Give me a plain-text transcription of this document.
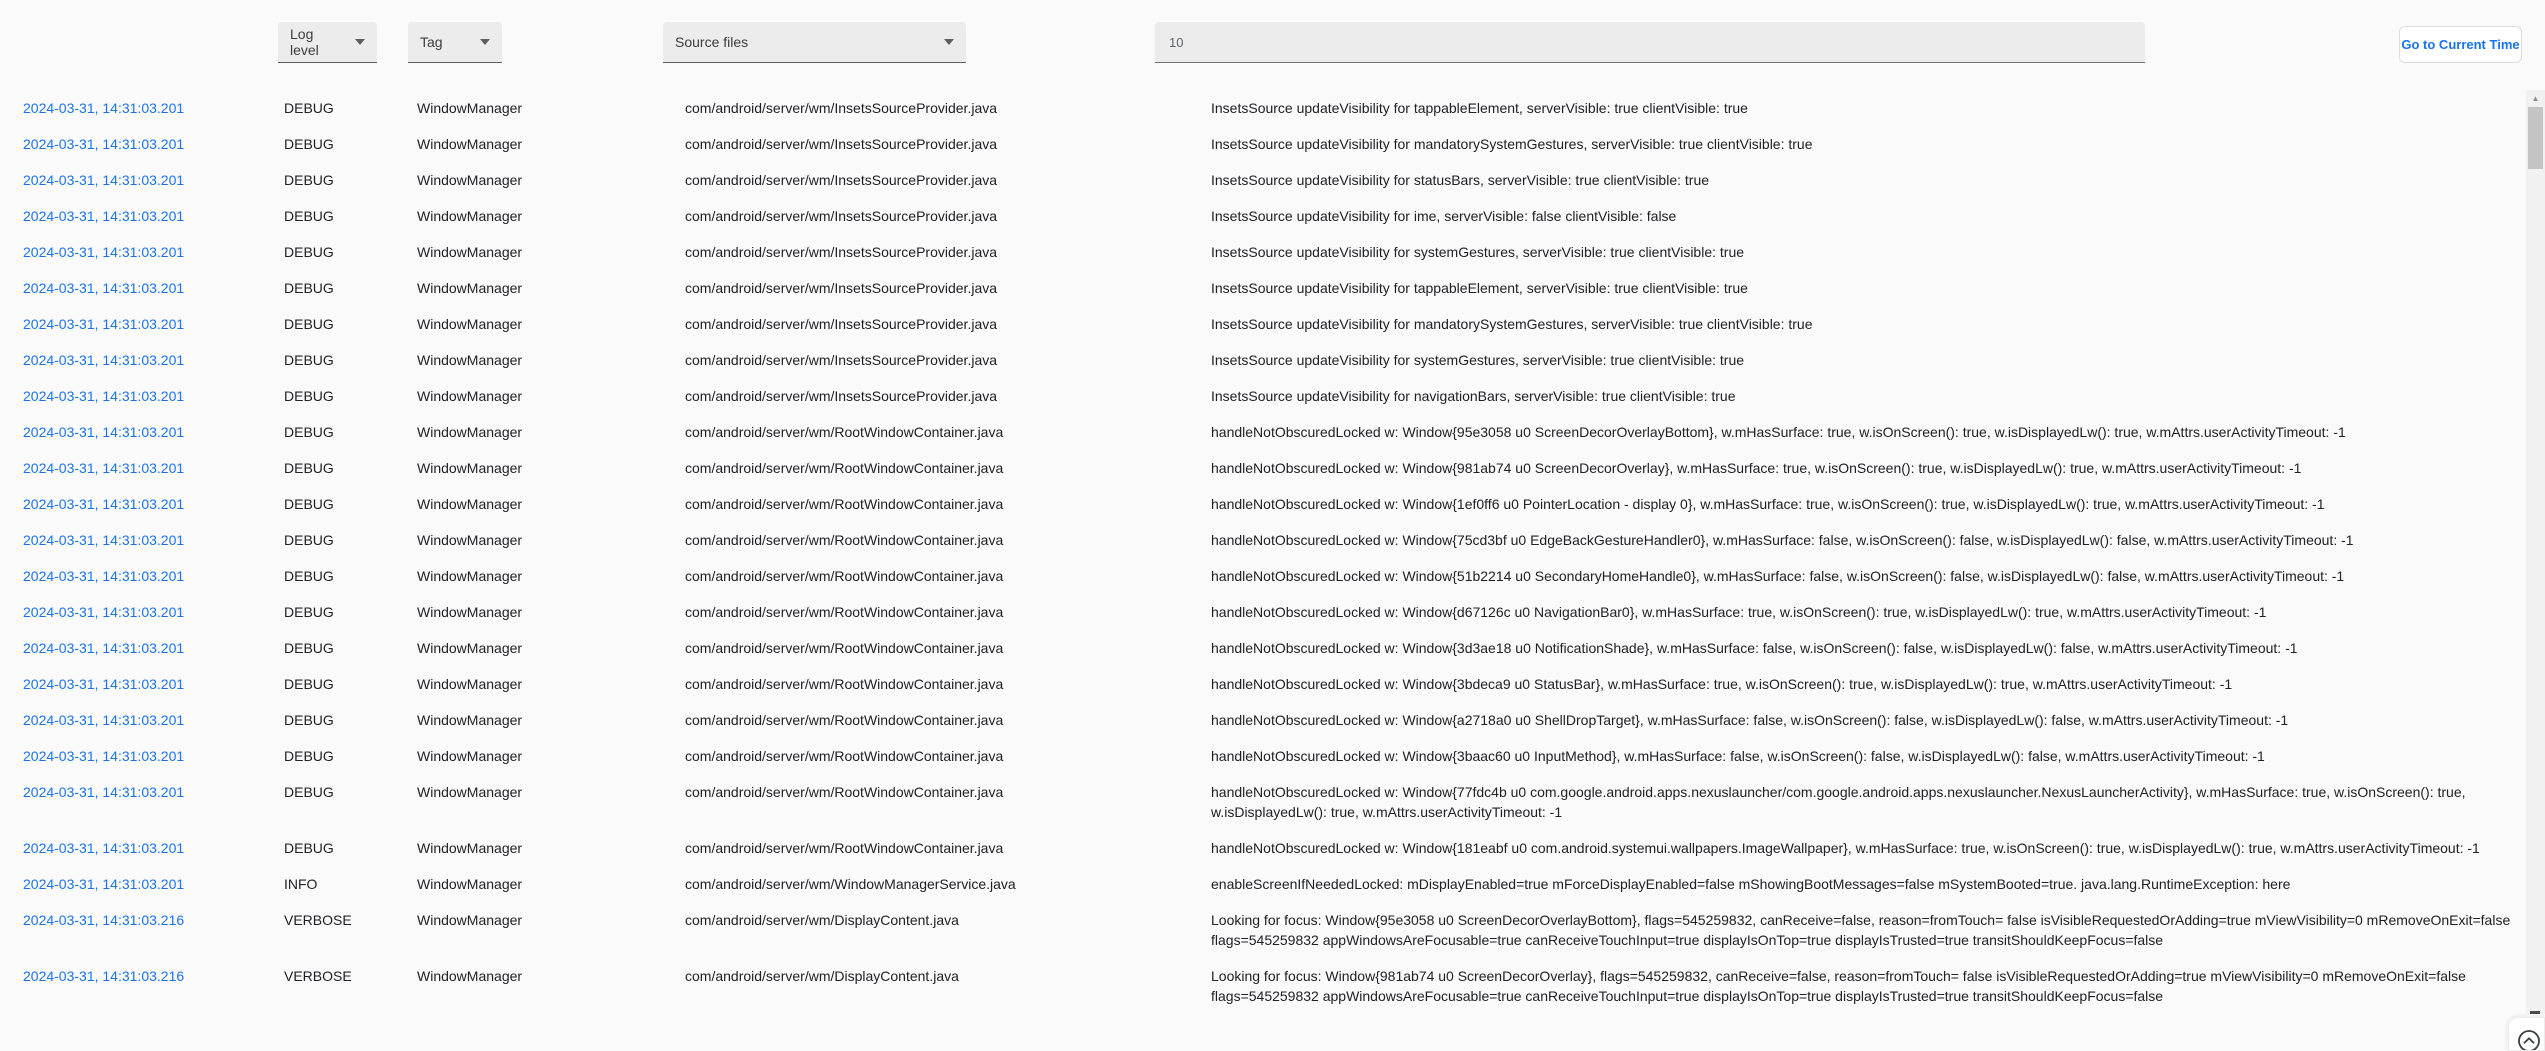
Log level	Tag	Source files
10	Go to Current Time
2024-03-31, 14:31:03.201	DEBUG	WindowManager	com/android/server/wm/InsetsSourceProvider.java	InsetsSource updateVisibility for tappableElement, serverVisible: true clientVisible: true
2024-03-31, 14:31:03.201	DEBUG	WindowManager	com/android/server/wm/InsetsSourceProvider.java	InsetsSource updateVisibility for mandatorySystemGestures, serverVisible: true clientVisible: true
2024-03-31, 14:31:03.201	DEBUG	WindowManager	com/android/server/wm/InsetsSourceProvider.java	InsetsSource updateVisibility for statusBars, serverVisible: true clientVisible: true
2024-03-31, 14:31:03.201	DEBUG	WindowManager	com/android/server/wm/InsetsSourceProvider.java	InsetsSource updateVisibility for ime, serverVisible: false clientVisible: false
2024-03-31, 14:31:03.201	DEBUG	WindowManager	com/android/server/wm/InsetsSourceProvider.java	InsetsSource updateVisibility for systemGestures, serverVisible: true clientVisible: true
2024-03-31, 14:31:03.201	DEBUG	WindowManager	com/android/server/wm/InsetsSourceProvider.java	InsetsSource updateVisibility for tappableElement, serverVisible: true clientVisible: true
2024-03-31, 14:31:03.201	DEBUG	WindowManager	com/android/server/wm/InsetsSourceProvider.java	InsetsSource updateVisibility for mandatorySystemGestures, serverVisible: true clientVisible: true
2024-03-31, 14:31:03.201	DEBUG	WindowManager	com/android/server/wm/InsetsSourceProvider.java	InsetsSource updateVisibility for systemGestures, serverVisible: true clientVisible: true
2024-03-31, 14:31:03.201	DEBUG	WindowManager	com/android/server/wm/InsetsSourceProvider.java	InsetsSource updateVisibility for navigationBars, serverVisible: true clientVisible: true
2024-03-31, 14:31:03.201	DEBUG	WindowManager	com/android/server/wm/RootWindowContainer.java	handleNotObscuredLocked w: Window{95e3058 u0 ScreenDecorOverlayBottom}, w.mHasSurface: true, w.isOnScreen(): true, w.isDisplayedLw(): true, w.mAttrs.userActivityTimeout: -1
2024-03-31, 14:31:03.201	DEBUG	WindowManager	com/android/server/wm/RootWindowContainer.java	handleNotObscuredLocked w: Window{981ab74 u0 ScreenDecorOverlay}, w.mHasSurface: true, w.isOnScreen(): true, w.isDisplayedLw(): true, w.mAttrs.userActivityTimeout: -1
2024-03-31, 14:31:03.201	DEBUG	WindowManager	com/android/server/wm/RootWindowContainer.java	handleNotObscuredLocked w: Window{1ef0ff6 u0 PointerLocation - display 0}, w.mHasSurface: true, w.isOnScreen(): true, w.isDisplayedLw(): true, w.mAttrs.userActivityTimeout: -1
2024-03-31, 14:31:03.201	DEBUG	WindowManager	com/android/server/wm/RootWindowContainer.java	handleNotObscuredLocked w: Window{75cd3bf u0 EdgeBackGestureHandler0}, w.mHasSurface: false, w.isOnScreen(): false, w.isDisplayedLw(): false, w.mAttrs.userActivityTimeout: -1
2024-03-31, 14:31:03.201	DEBUG	WindowManager	com/android/server/wm/RootWindowContainer.java	handleNotObscuredLocked w: Window{51b2214 u0 SecondaryHomeHandle0}, w.mHasSurface: false, w.isOnScreen(): false, w.isDisplayedLw(): false, w.mAttrs.userActivityTimeout: -1
2024-03-31, 14:31:03.201	DEBUG	WindowManager	com/android/server/wm/RootWindowContainer.java	handleNotObscuredLocked w: Window{d67126c u0 NavigationBar0}, w.mHasSurface: true, w.isOnScreen(): true, w.isDisplayedLw(): true, w.mAttrs.userActivityTimeout: -1
2024-03-31, 14:31:03.201	DEBUG	WindowManager	com/android/server/wm/RootWindowContainer.java	handleNotObscuredLocked w: Window{3d3ae18 u0 NotificationShade}, w.mHasSurface: false, w.isOnScreen(): false, w.isDisplayedLw(): false, w.mAttrs.userActivityTimeout: -1
2024-03-31, 14:31:03.201	DEBUG	WindowManager	com/android/server/wm/RootWindowContainer.java	handleNotObscuredLocked w: Window{3bdeca9 u0 StatusBar}, w.mHasSurface: true, w.isOnScreen(): true, w.isDisplayedLw(): true, w.mAttrs.userActivityTimeout: -1
2024-03-31, 14:31:03.201	DEBUG	WindowManager	com/android/server/wm/RootWindowContainer.java	handleNotObscuredLocked w: Window{a2718a0 u0 ShellDropTarget}, w.mHasSurface: false, w.isOnScreen(): false, w.isDisplayedLw(): false, w.mAttrs.userActivityTimeout: -1
2024-03-31, 14:31:03.201	DEBUG	WindowManager	com/android/server/wm/RootWindowContainer.java	handleNotObscuredLocked w: Window{3baac60 u0 InputMethod}, w.mHasSurface: false, w.isOnScreen(): false, w.isDisplayedLw(): false, w.mAttrs.userActivityTimeout: -1
2024-03-31, 14:31:03.201	DEBUG	WindowManager	com/android/server/wm/RootWindowContainer.java	handleNotObscuredLocked w: Window{77fdc4b u0 com.google.android.apps.nexuslauncher/com.google.android.apps.nexuslauncher.NexusLauncherActivity}, w.mHasSurface: true, w.isOnScreen(): true, w.isDisplayedLw(): true, w.mAttrs.userActivityTimeout: -1
2024-03-31, 14:31:03.201	DEBUG	WindowManager	com/android/server/wm/RootWindowContainer.java	handleNotObscuredLocked w: Window{181eabf u0 com.android.systemui.wallpapers.ImageWallpaper}, w.mHasSurface: true, w.isOnScreen(): true, w.isDisplayedLw(): true, w.mAttrs.userActivityTimeout: -1
2024-03-31, 14:31:03.201	INFO	WindowManager	com/android/server/wm/WindowManagerService.java	enableScreenIfNeededLocked: mDisplayEnabled=true mForceDisplayEnabled=false mShowingBootMessages=false mSystemBooted=true. java.lang.RuntimeException: here
2024-03-31, 14:31:03.216	VERBOSE	WindowManager	com/android/server/wm/DisplayContent.java	Looking for focus: Window{95e3058 u0 ScreenDecorOverlayBottom}, flags=545259832, canReceive=false, reason=fromTouch= false isVisibleRequestedOrAdding=true mViewVisibility=0 mRemoveOnExit=false flags=545259832 appWindowsAreFocusable=true canReceiveTouchInput=true displayIsOnTop=true displayIsTrusted=true transitShouldKeepFocus=false
2024-03-31, 14:31:03.216	VERBOSE	WindowManager	com/android/server/wm/DisplayContent.java	Looking for focus: Window{981ab74 u0 ScreenDecorOverlay}, flags=545259832, canReceive=false, reason=fromTouch= false isVisibleRequestedOrAdding=true mViewVisibility=0 mRemoveOnExit=false flags=545259832 appWindowsAreFocusable=true canReceiveTouchInput=true displayIsOnTop=true displayIsTrusted=true transitShouldKeepFocus=false
▲
